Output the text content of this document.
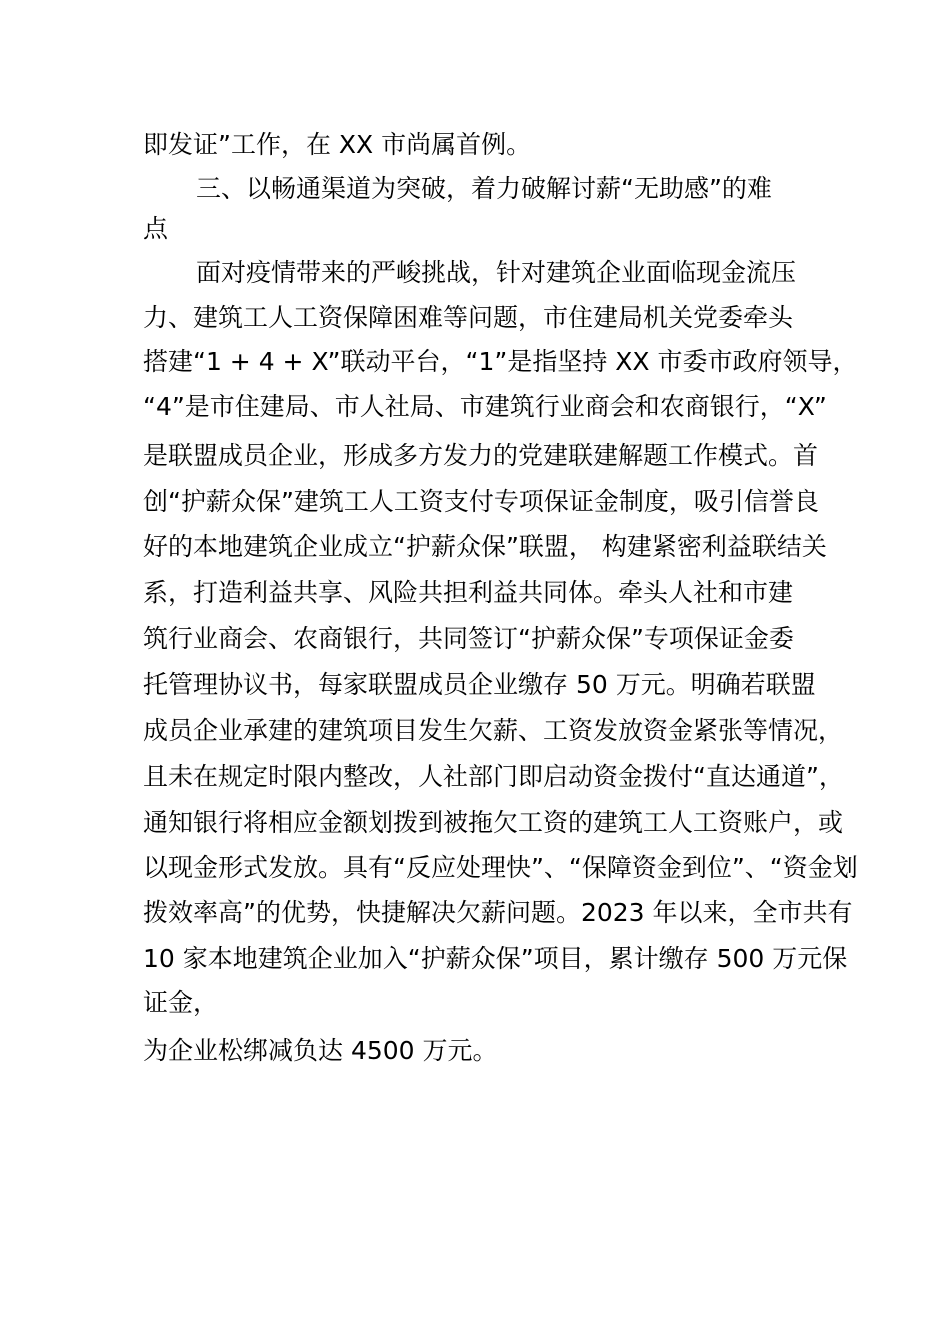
即发证”工作，在 XX 市尚属首例。
三、以畅通渠道为突破，着力破解讨薪“无助感”的难
点
面对疫情带来的严峻挑战，针对建筑企业面临现金流压
力、建筑工人工资保障困难等问题，市住建局机关党委牵头
搭建“1 + 4 + X”联动平台，“1”是指坚持 XX 市委市政府领导，
“4”是市住建局、市人社局、市建筑行业商会和农商银行，“X”
是联盟成员企业，形成多方发力的党建联建解题工作模式。首
创“护薪众保”建筑工人工资支付专项保证金制度，吸引信誉良
好的本地建筑企业成立“护薪众保”联盟， 构建紧密利益联结关
系，打造利益共享、风险共担利益共同体。牵头人社和市建
筑行业商会、农商银行，共同签订“护薪众保”专项保证金委
托管理协议书，每家联盟成员企业缴存 50 万元。明确若联盟
成员企业承建的建筑项目发生欠薪、工资发放资金紧张等情况，
且未在规定时限内整改，人社部门即启动资金拨付“直达通道”，
通知银行将相应金额划拨到被拖欠工资的建筑工人工资账户，或
以现金形式发放。具有“反应处理快”、“保障资金到位”、“资金划
拨效率高”的优势，快捷解决欠薪问题。2023 年以来，全市共有
10 家本地建筑企业加入“护薪众保”项目，累计缴存 500 万元保
证金，
为企业松绑减负达 4500 万元。
